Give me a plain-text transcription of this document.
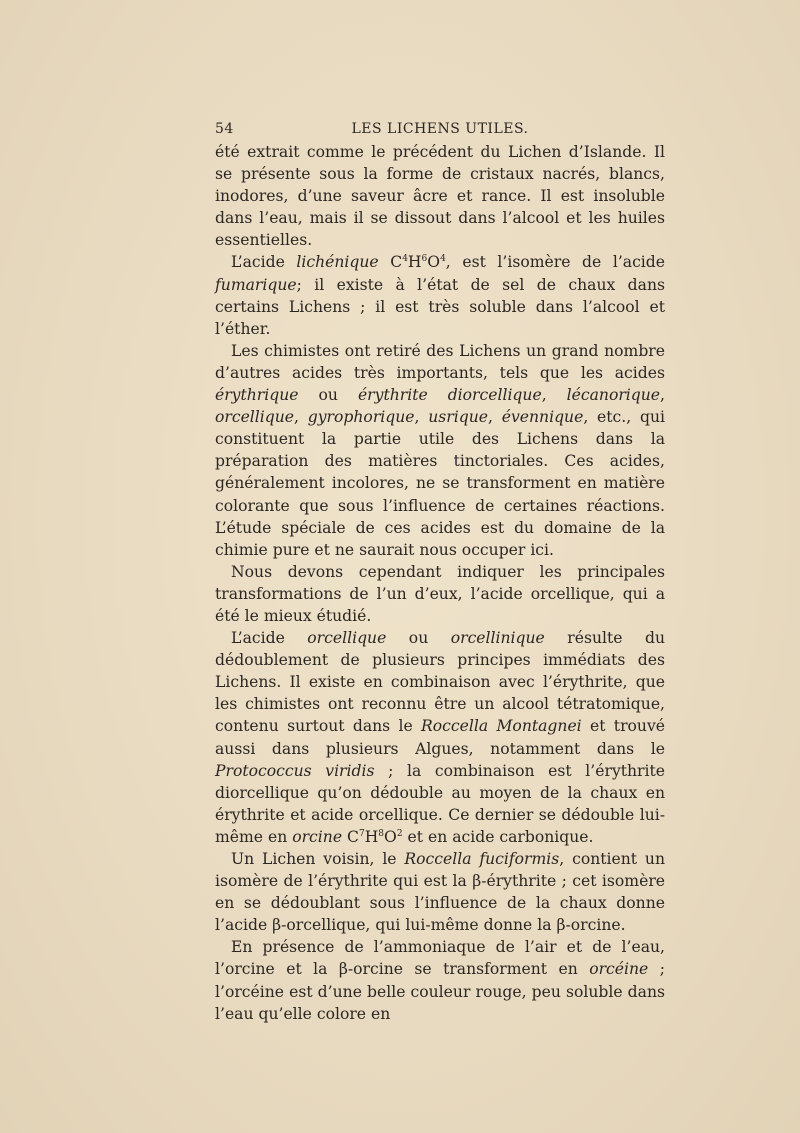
54	LES LICHENS UTILES.

été extrait comme le précédent du Lichen d’Islande. Il se présente sous la forme de cristaux nacrés, blancs, inodores, d’une saveur âcre et rance. Il est insoluble dans l’eau, mais il se dissout dans l’alcool et les huiles essentielles.

L’acide lichénique $C^4H^6O^4$, est l’isomère de l’acide fumarique; il existe à l’état de sel de chaux dans certains Lichens ; il est très soluble dans l’alcool et l’éther.

Les chimistes ont retiré des Lichens un grand nombre d’autres acides très importants, tels que les acides érythrique ou érythrite diorcellique, lécanorique, orcellique, gyrophorique, usrique, évennique, etc., qui constituent la partie utile des Lichens dans la préparation des matières tinctoriales. Ces acides, généralement incolores, ne se transforment en matière colorante que sous l’influence de certaines réactions. L’étude spéciale de ces acides est du domaine de la chimie pure et ne saurait nous occuper ici.

Nous devons cependant indiquer les principales transformations de l’un d’eux, l’acide orcellique, qui a été le mieux étudié.

L’acide orcellique ou orcellinique résulte du dédoublement de plusieurs principes immédiats des Lichens. Il existe en combinaison avec l’érythrite, que les chimistes ont reconnu être un alcool tétratomique, contenu surtout dans le Roccella Montagnei et trouvé aussi dans plusieurs Algues, notamment dans le Protococcus viridis ; la combinaison est l’érythrite diorcellique qu’on dédouble au moyen de la chaux en érythrite et acide orcellique. Ce dernier se dédouble lui-même en orcine $C^7H^8O^2$ et en acide carbonique.

Un Lichen voisin, le Roccella fuciformis, contient un isomère de l’érythrite qui est la β-érythrite ; cet isomère en se dédoublant sous l’influence de la chaux donne l’acide β-orcellique, qui lui-même donne la β-orcine.

En présence de l’ammoniaque de l’air et de l’eau, l’orcine et la β-orcine se transforment en orcéine ; l’orcéine est d’une belle couleur rouge, peu soluble dans l’eau qu’elle colore en
